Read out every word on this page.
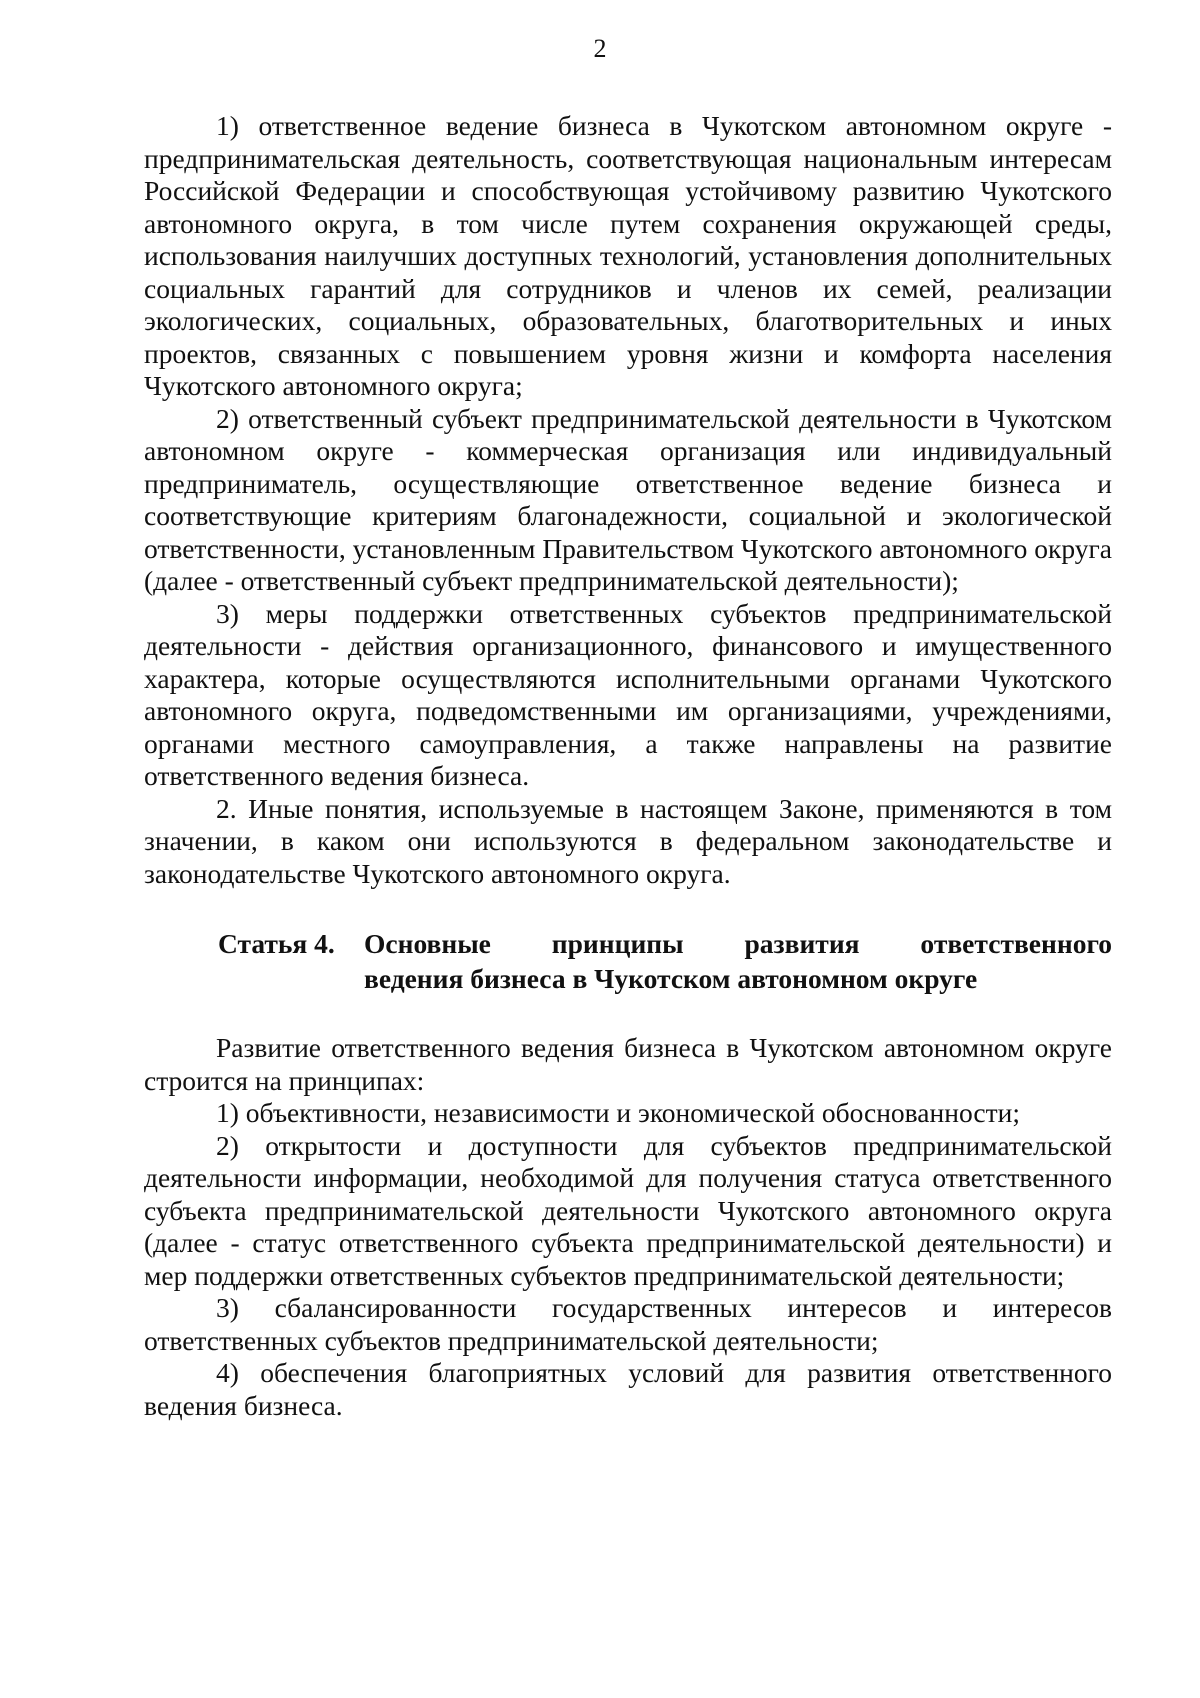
2

1) ответственное ведение бизнеса в Чукотском автономном округе - предпринимательская деятельность, соответствующая национальным интересам Российской Федерации и способствующая устойчивому развитию Чукотского автономного округа, в том числе путем сохранения окружающей среды, использования наилучших доступных технологий, установления дополнительных социальных гарантий для сотрудников и членов их семей, реализации экологических, социальных, образовательных, благотворительных и иных проектов, связанных с повышением уровня жизни и комфорта населения Чукотского автономного округа;

2) ответственный субъект предпринимательской деятельности в Чукотском автономном округе - коммерческая организация или индивидуальный предприниматель, осуществляющие ответственное ведение бизнеса и соответствующие критериям благонадежности, социальной и экологической ответственности, установленным Правительством Чукотского автономного округа (далее - ответственный субъект предпринимательской деятельности);

3) меры поддержки ответственных субъектов предпринимательской деятельности - действия организационного, финансового и имущественного характера, которые осуществляются исполнительными органами Чукотского автономного округа, подведомственными им организациями, учреждениями, органами местного самоуправления, а также направлены на развитие ответственного ведения бизнеса.

2. Иные понятия, используемые в настоящем Законе, применяются в том значении, в каком они используются в федеральном законодательстве и законодательстве Чукотского автономного округа.

Статья 4.	Основные принципы развития ответственного
ведения бизнеса в Чукотском автономном округе

Развитие ответственного ведения бизнеса в Чукотском автономном округе строится на принципах:

1) объективности, независимости и экономической обоснованности;

2) открытости и доступности для субъектов предпринимательской деятельности информации, необходимой для получения статуса ответственного субъекта предпринимательской деятельности Чукотского автономного округа (далее - статус ответственного субъекта предпринимательской деятельности) и мер поддержки ответственных субъектов предпринимательской деятельности;

3) сбалансированности государственных интересов и интересов ответственных субъектов предпринимательской деятельности;

4) обеспечения благоприятных условий для развития ответственного ведения бизнеса.
